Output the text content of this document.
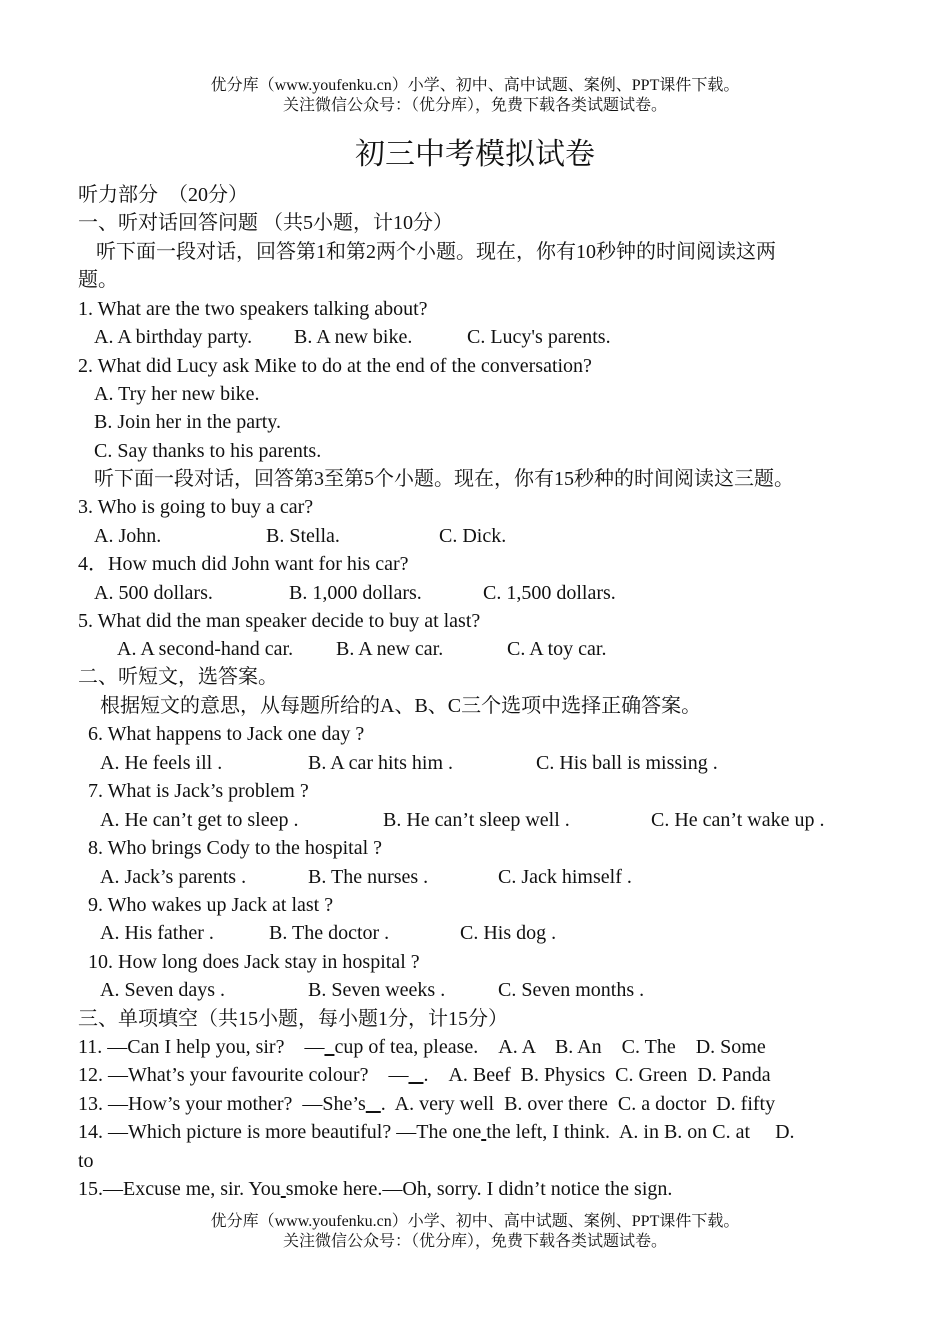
优分库（www.youfenku.cn）小学、初中、高中试题、案例、PPT课件下载。
关注微信公众号：（优分库），免费下载各类试题试卷。
初三中考模拟试卷
听力部分　（20分）
一、听对话回答问题 （共5小题，计10分）
听下面一段对话，回答第1和第2两个小题。现在，你有10秒钟的时间阅读这两
题。
1. What are the two speakers talking about?
A. A birthday party. B. A new bike.	C. Lucy's parents.
2. What did Lucy ask Mike to do at the end of the conversation?
A. Try her new bike.
B. Join her in the party.
C. Say thanks to his parents.
听下面一段对话，回答第3至第5个小题。现在，你有15秒种的时间阅读这三题。
3. Who is going to buy a car?
A. John.	B. Stella.	C. Dick.
4．How much did John want for his car?
A. 500 dollars.	B. 1,000 dollars.	C. 1,500 dollars.
5. What did the man speaker decide to buy at last?
A. A second-hand car. B. A new car.	C. A toy car.
二、听短文，选答案。
根据短文的意思，从每题所给的A、B、C三个选项中选择正确答案。
6. What happens to Jack one day ?
A. He feels ill .	B. A car hits him .	C. His ball is missing .
7. What is Jack’s problem ?
A. He can’t get to sleep .	B. He can’t sleep well .	C. He can’t wake up .
8. Who brings Cody to the hospital ?
A. Jack’s parents .	B. The nurses .	C. Jack himself .
9. Who wakes up Jack at last ?
A. His father .	B. The doctor .	C. His dog .
10. How long does Jack stay in hospital ?
A. Seven days .	B. Seven weeks .	C. Seven months .
三、单项填空（共15小题，每小题1分，计15分）
11. —Can I help you, sir?　— cup of tea, please.　A. A　B. An　C. The　D. Some
12. —What’s your favourite colour?　— .　A. Beef  B. Physics  C. Green  D. Panda
13. —How’s your mother?  —She’s .  A. very well  B. over there  C. a doctor  D. fifty
14. —Which picture is more beautiful? —The one the left, I think.  A. in B. on C. at     D.
to
15.—Excuse me, sir. You smoke here.—Oh, sorry. I didn’t notice the sign.
优分库（www.youfenku.cn）小学、初中、高中试题、案例、PPT课件下载。
关注微信公众号：（优分库），免费下载各类试题试卷。
